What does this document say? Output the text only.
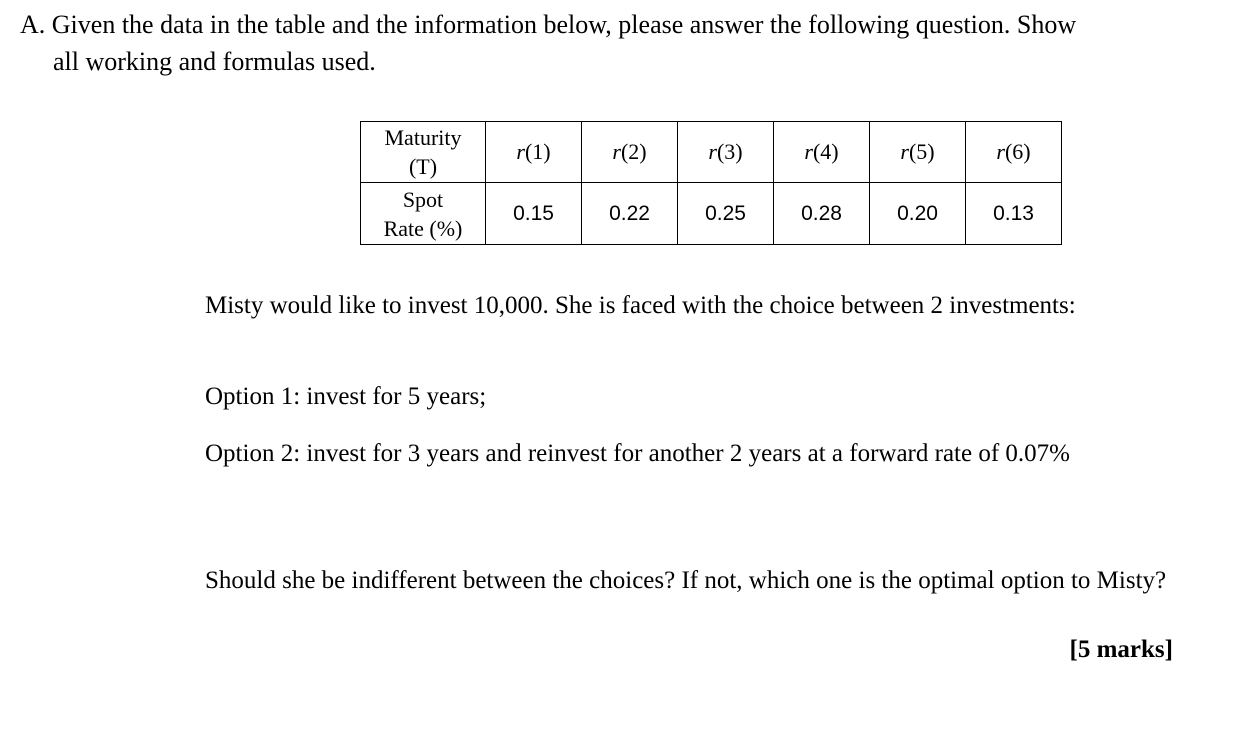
A. Given the data in the table and the information below, please answer the following question. Show
all working and formulas used.
Maturity
(T)	r(1)	r(2)	r(3)	r(4)	r(5)	r(6)

Spot
Rate (%)	0.15	0.22	0.25	0.28	0.20	0.13
Misty would like to invest 10,000. She is faced with the choice between 2 investments:
Option 1: invest for 5 years;
Option 2: invest for 3 years and reinvest for another 2 years at a forward rate of 0.07%
Should she be indifferent between the choices? If not, which one is the optimal option to Misty?
[5 marks]
